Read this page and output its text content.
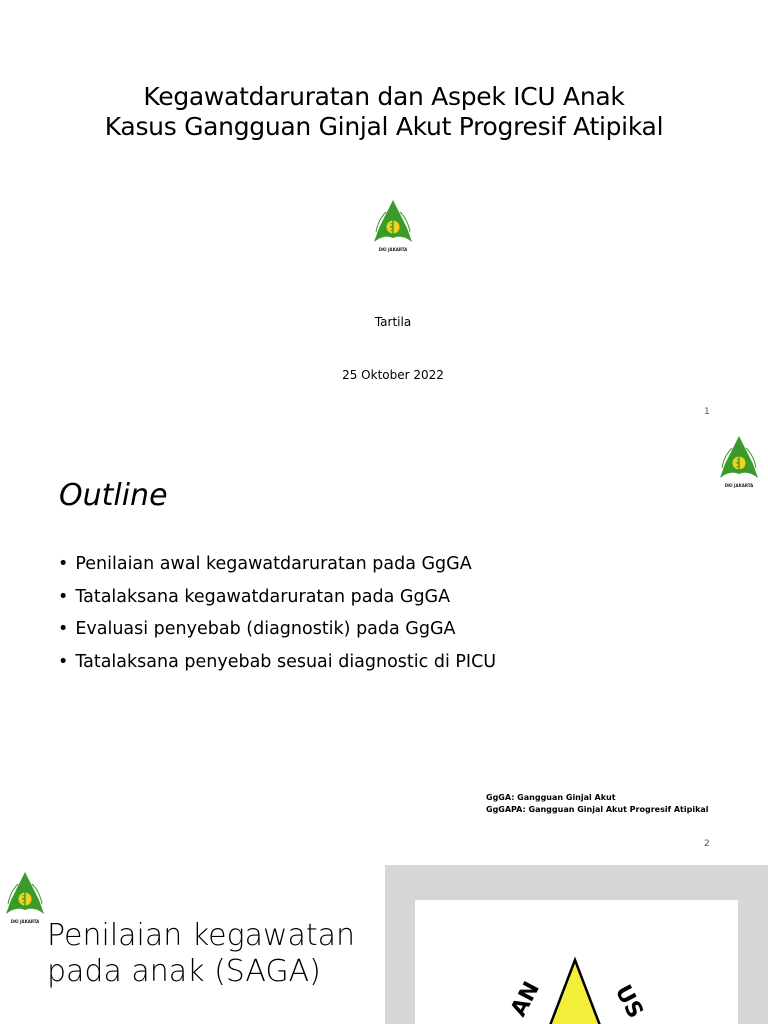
Kegawatdaruratan dan Aspek ICU Anak
Kasus Gangguan Ginjal Akut Progresif Atipikal
DKI JAKARTA
Tartila
25 Oktober 2022
1
DKI JAKARTA
Outline
• Penilaian awal kegawatdaruratan pada GgGA
• Tatalaksana kegawatdaruratan pada GgGA
• Evaluasi penyebab (diagnostik) pada GgGA
• Tatalaksana penyebab sesuai diagnostic di PICU
GgGA: Gangguan Ginjal Akut
GgGAPA: Gangguan Ginjal Akut Progresif Atipikal
2
DKI JAKARTA Penilaian kegawatan
pada anak (SAGA)
AN	US
